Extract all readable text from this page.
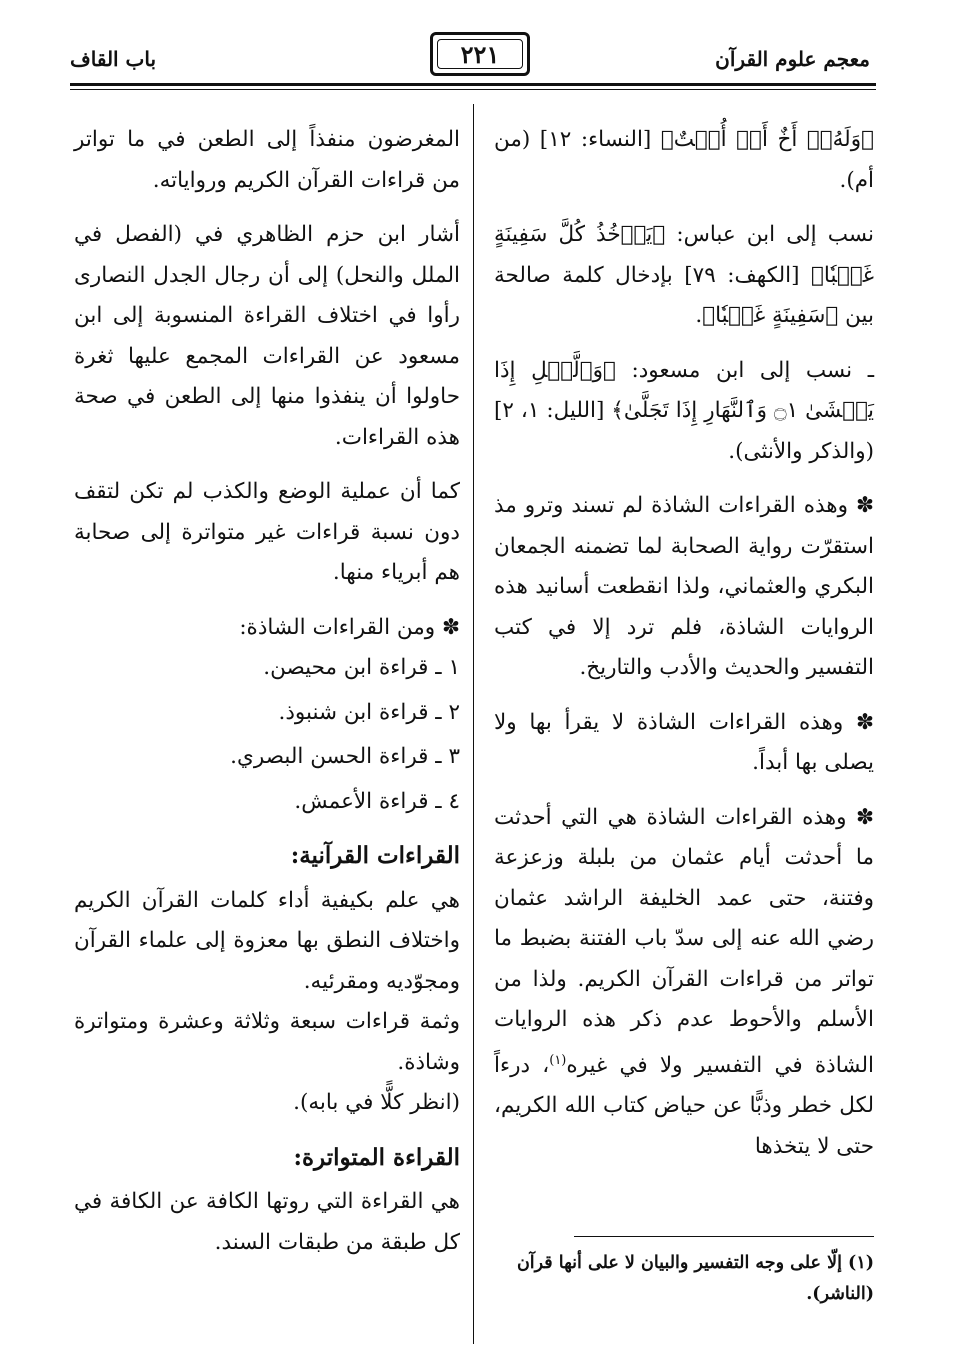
معجم علوم القرآن
٢٢١
باب القاف

﴿وَلَهُۥٓ أَخٌ أَوۡ أُخۡتٌ﴾ [النساء: ١٢] (من أم).

نسب إلى ابن عباس: ﴿يَأۡخُذُ كُلَّ سَفِينَةٍ غَصۡبٗا﴾ [الكهف: ٧٩] بإدخال كلمة صالحة بين ﴿سَفِينَةٍ غَصۡبٗا﴾.

ـ نسب إلى ابن مسعود: ﴿وَٱلَّيۡلِ إِذَا يَغۡشَىٰ ۝١ وَٱلنَّهَارِ إِذَا تَجَلَّىٰ﴾ [الليل: ١، ٢] (والذكر والأنثى).

✽ وهذه القراءات الشاذة لم تسند وترو مذ استقرّت رواية الصحابة لما تضمنه الجمعان البكري والعثماني، ولذا انقطعت أسانيد هذه الروايات الشاذة، فلم ترد إلا في كتب التفسير والحديث والأدب والتاريخ.

✽ وهذه القراءات الشاذة لا يقرأ بها ولا يصلى بها أبداً.

✽ وهذه القراءات الشاذة هي التي أحدثت ما أحدثت أيام عثمان من بلبلة وزعزعة وفتنة، حتى عمد الخليفة الراشد عثمان رضي الله عنه إلى سدّ باب الفتنة بضبط ما تواتر من قراءات القرآن الكريم. ولذا من الأسلم والأحوط عدم ذكر هذه الروايات الشاذة في التفسير ولا في غيره$^{(١)}$، درءاً لكل خطر وذبًّا عن حياض كتاب الله الكريم، حتى لا يتخذها

المغرضون منفذاً إلى الطعن في ما تواتر من قراءات القرآن الكريم ورواياته.

أشار ابن حزم الظاهري في (الفصل في الملل والنحل) إلى أن رجال الجدل النصارى رأوا في اختلاف القراءة المنسوبة إلى ابن مسعود عن القراءات المجمع عليها ثغرة حاولوا أن ينفذوا منها إلى الطعن في صحة هذه القراءات.

كما أن عملية الوضع والكذب لم تكن لتقف دون نسبة قراءات غير متواترة إلى صحابة هم أبرياء منها.

✽ ومن القراءات الشاذة:

١ ـ قراءة ابن محيصن.
٢ ـ قراءة ابن شنبوذ.
٣ ـ قراءة الحسن البصري.
٤ ـ قراءة الأعمش.

القراءات القرآنية:

هي علم بكيفية أداء كلمات القرآن الكريم واختلاف النطق بها معزوة إلى علماء القرآن ومجوّديه ومقرئيه.

وثمة قراءات سبعة وثلاثة وعشرة ومتواترة وشاذة.

(انظر كلًّا في بابه).

القراءة المتواترة:

هي القراءة التي روتها الكافة عن الكافة في كل طبقة من طبقات السند.

(١) إلّا على وجه التفسير والبيان لا على أنها قرآن (الناشر).
